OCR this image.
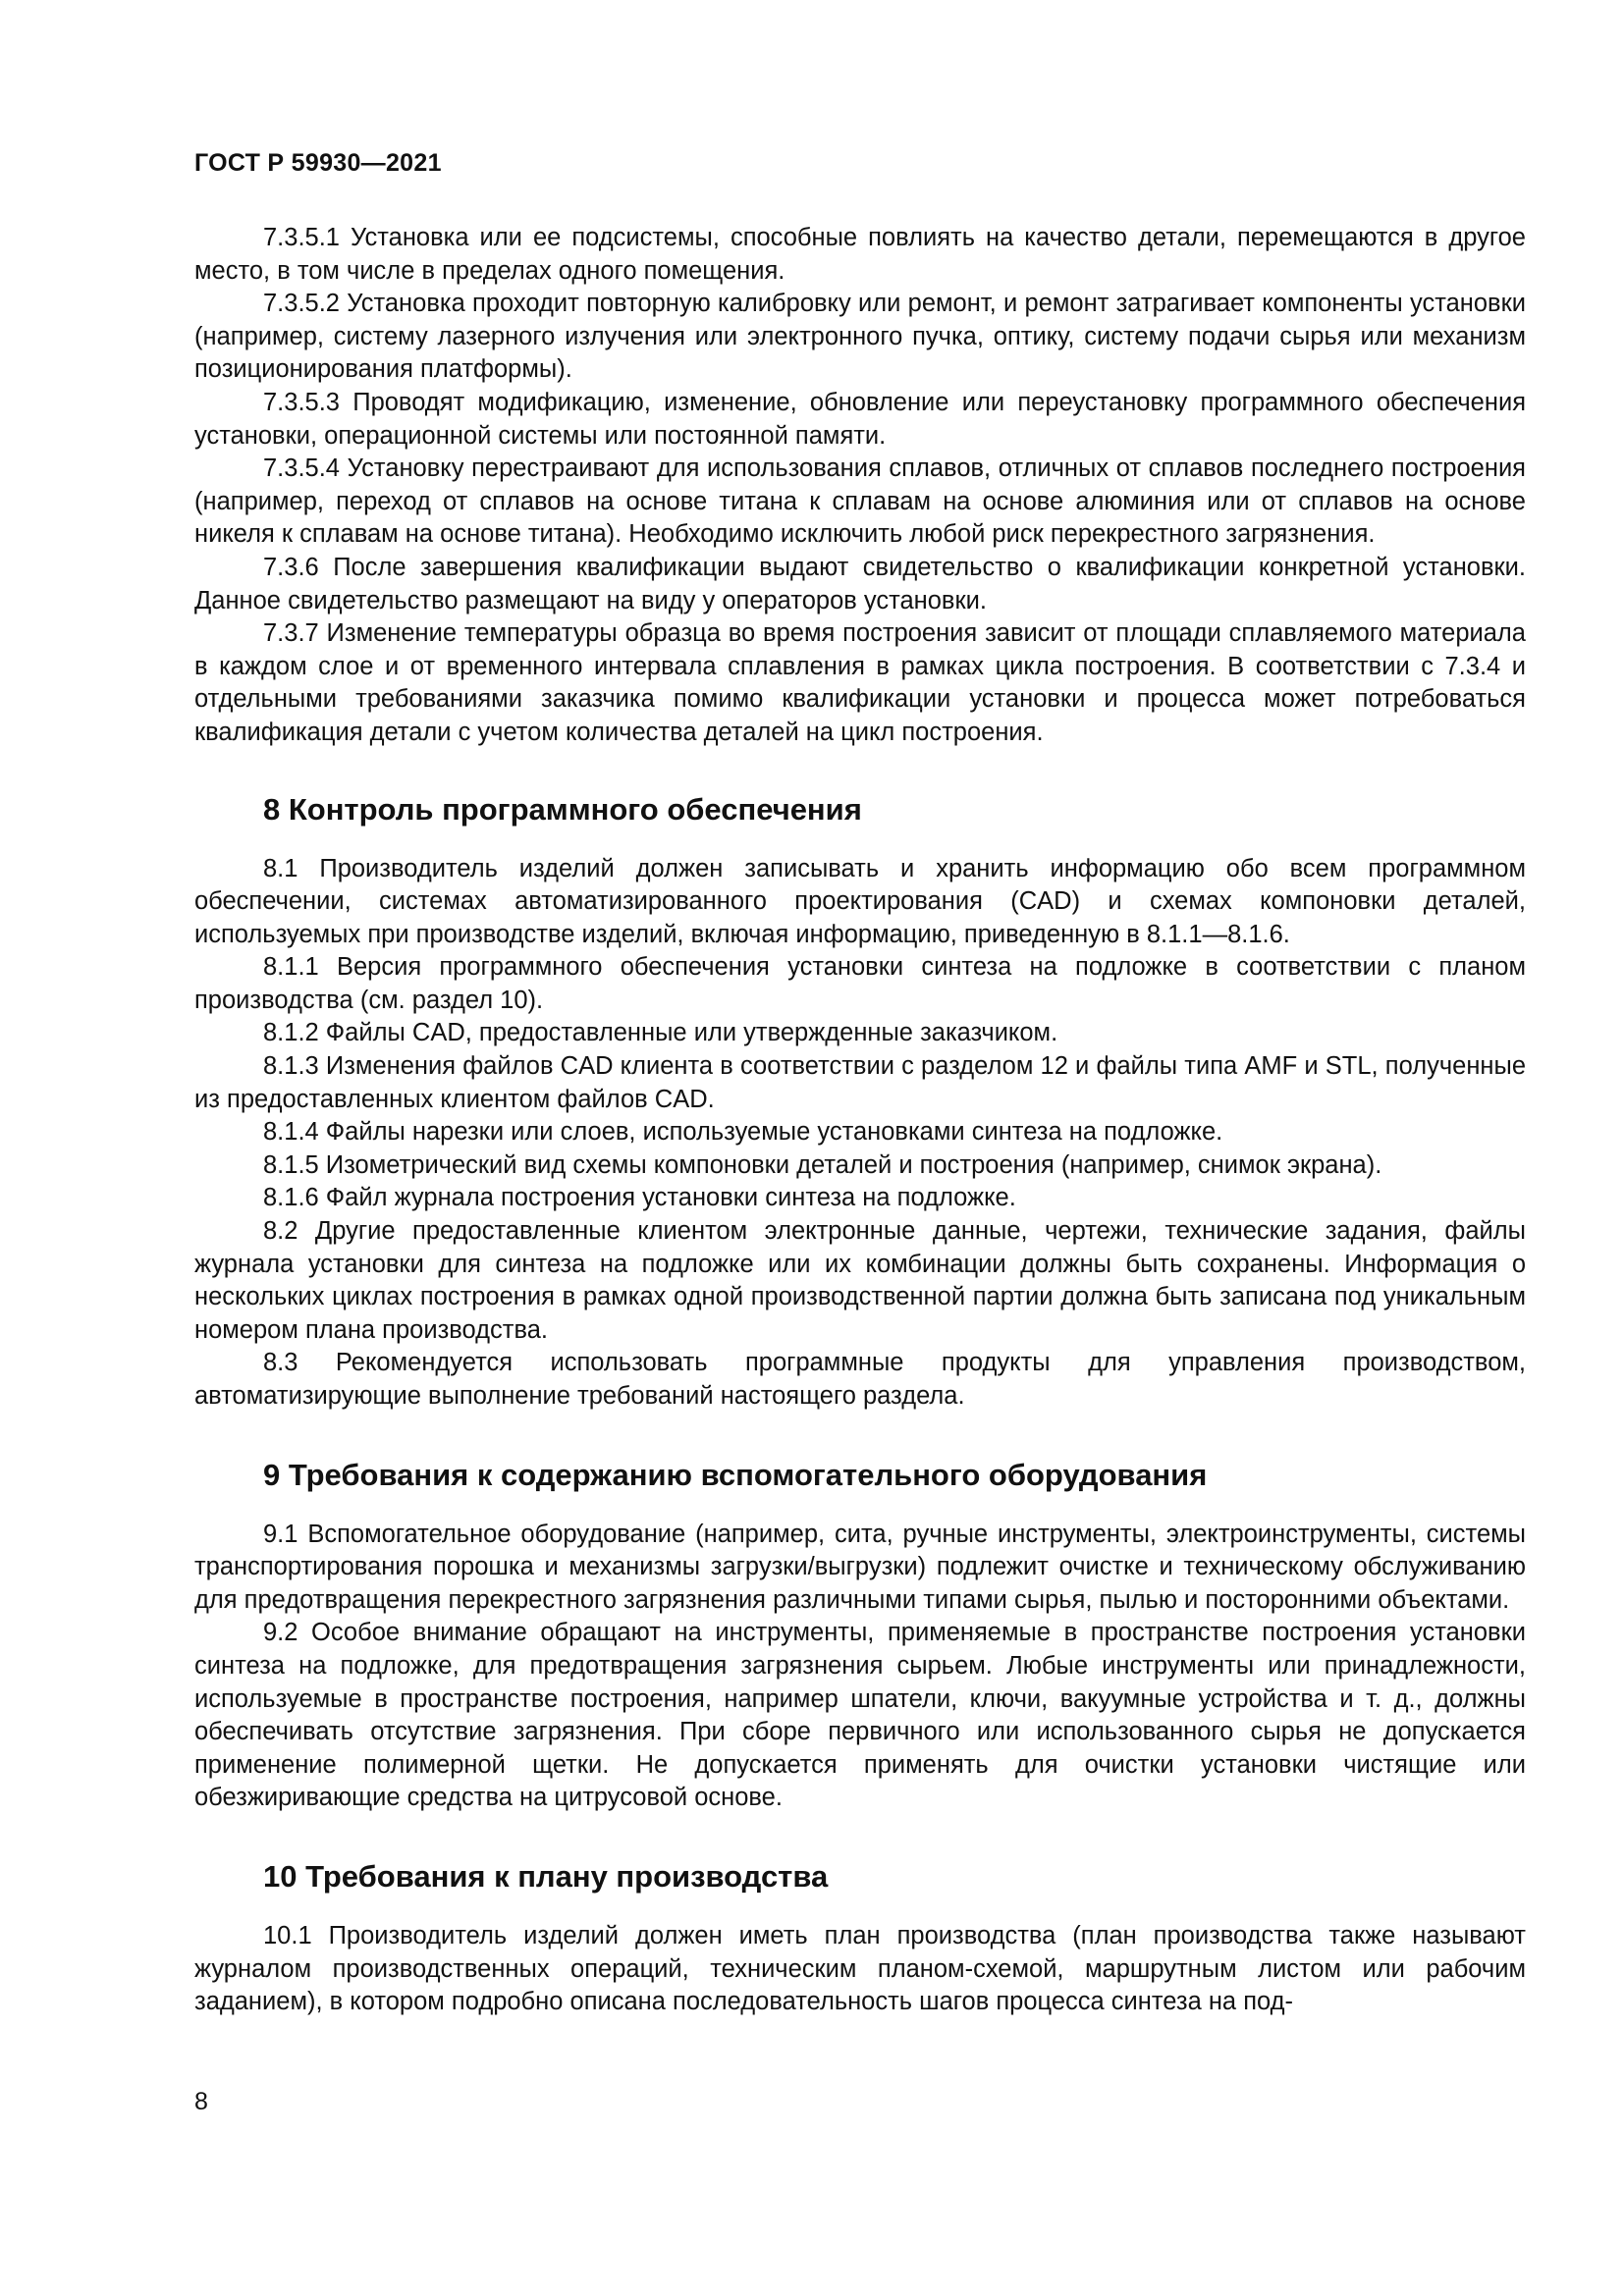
ГОСТ Р 59930—2021

7.3.5.1 Установка или ее подсистемы, способные повлиять на качество детали, перемещаются в другое место, в том числе в пределах одного помещения.

7.3.5.2 Установка проходит повторную калибровку или ремонт, и ремонт затрагивает компоненты установки (например, систему лазерного излучения или электронного пучка, оптику, систему подачи сырья или механизм позиционирования платформы).

7.3.5.3 Проводят модификацию, изменение, обновление или переустановку программного обеспечения установки, операционной системы или постоянной памяти.

7.3.5.4 Установку перестраивают для использования сплавов, отличных от сплавов последнего построения (например, переход от сплавов на основе титана к сплавам на основе алюминия или от сплавов на основе никеля к сплавам на основе титана). Необходимо исключить любой риск перекрестного загрязнения.

7.3.6 После завершения квалификации выдают свидетельство о квалификации конкретной установки. Данное свидетельство размещают на виду у операторов установки.

7.3.7 Изменение температуры образца во время построения зависит от площади сплавляемого материала в каждом слое и от временного интервала сплавления в рамках цикла построения. В соответствии с 7.3.4 и отдельными требованиями заказчика помимо квалификации установки и процесса может потребоваться квалификация детали с учетом количества деталей на цикл построения.

8 Контроль программного обеспечения

8.1 Производитель изделий должен записывать и хранить информацию обо всем программном обеспечении, системах автоматизированного проектирования (CAD) и схемах компоновки деталей, используемых при производстве изделий, включая информацию, приведенную в 8.1.1—8.1.6.

8.1.1 Версия программного обеспечения установки синтеза на подложке в соответствии с планом производства (см. раздел 10).

8.1.2 Файлы CAD, предоставленные или утвержденные заказчиком.

8.1.3 Изменения файлов CAD клиента в соответствии с разделом 12 и файлы типа AMF и STL, полученные из предоставленных клиентом файлов CAD.

8.1.4 Файлы нарезки или слоев, используемые установками синтеза на подложке.

8.1.5 Изометрический вид схемы компоновки деталей и построения (например, снимок экрана).

8.1.6 Файл журнала построения установки синтеза на подложке.

8.2 Другие предоставленные клиентом электронные данные, чертежи, технические задания, файлы журнала установки для синтеза на подложке или их комбинации должны быть сохранены. Информация о нескольких циклах построения в рамках одной производственной партии должна быть записана под уникальным номером плана производства.

8.3 Рекомендуется использовать программные продукты для управления производством, автоматизирующие выполнение требований настоящего раздела.

9 Требования к содержанию вспомогательного оборудования

9.1 Вспомогательное оборудование (например, сита, ручные инструменты, электроинструменты, системы транспортирования порошка и механизмы загрузки/выгрузки) подлежит очистке и техническому обслуживанию для предотвращения перекрестного загрязнения различными типами сырья, пылью и посторонними объектами.

9.2 Особое внимание обращают на инструменты, применяемые в пространстве построения установки синтеза на подложке, для предотвращения загрязнения сырьем. Любые инструменты или принадлежности, используемые в пространстве построения, например шпатели, ключи, вакуумные устройства и т. д., должны обеспечивать отсутствие загрязнения. При сборе первичного или использованного сырья не допускается применение полимерной щетки. Не допускается применять для очистки установки чистящие или обезжиривающие средства на цитрусовой основе.

10 Требования к плану производства

10.1 Производитель изделий должен иметь план производства (план производства также называют журналом производственных операций, техническим планом-схемой, маршрутным листом или рабочим заданием), в котором подробно описана последовательность шагов процесса синтеза на под-

8
